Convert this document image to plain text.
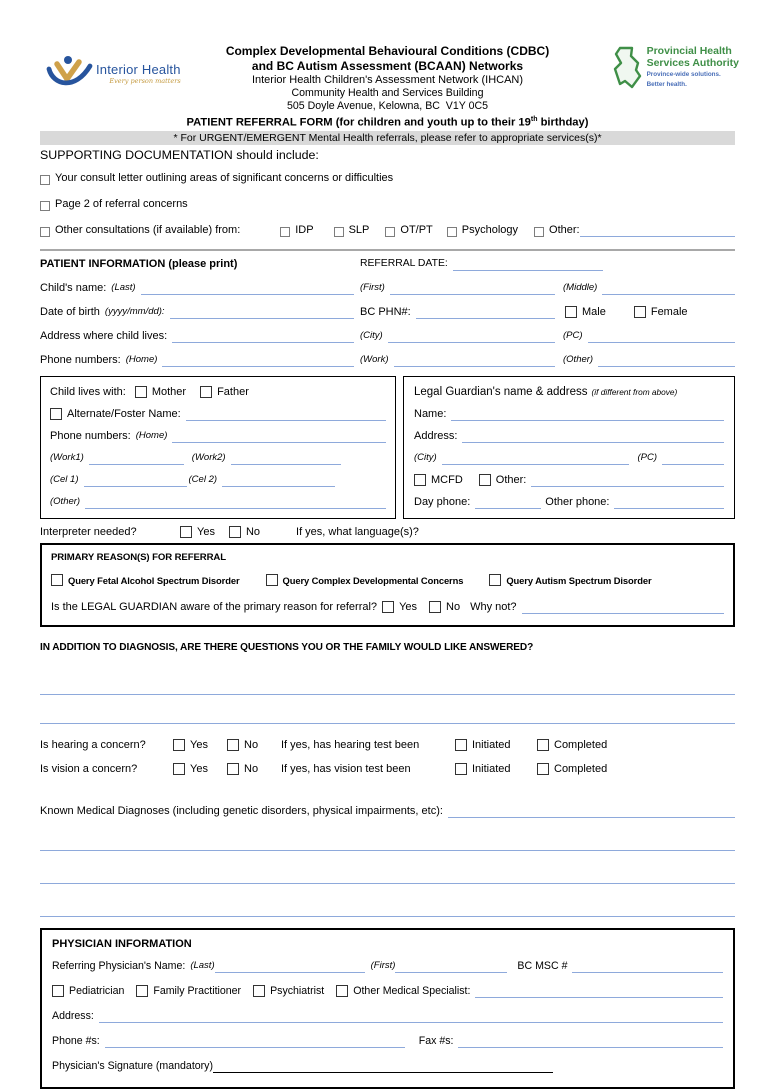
Interior Health
Every person matters
Provincial Health
Services Authority
Province-wide solutions.
Better health.
Complex Developmental Behavioural Conditions (CDBC)
and BC Autism Assessment (BCAAN) Networks
Interior Health Children's Assessment Network (IHCAN)
Community Health and Services Building
505 Doyle Avenue, Kelowna, BC  V1Y 0C5
PATIENT REFERRAL FORM (for children and youth up to their 19th birthday)
* For URGENT/EMERGENT Mental Health referrals, please refer to appropriate services(s)*
SUPPORTING DOCUMENTATION should include:
Your consult letter outlining areas of significant concerns or difficulties
Page 2 of referral concerns
Other consultations (if available) from:	IDP	SLP	OT/PT	Psychology	Other:
PATIENT INFORMATION (please print)	REFERRAL DATE:
Child's name: (Last)	(First)	(Middle)
Date of birth (yyyy/mm/dd):	BC PHN#:	Male	Female
Address where child lives:	(City)	(PC)
Phone numbers: (Home)	(Work)	(Other)
Child lives with: Mother	Father
Alternate/Foster Name:
Phone numbers: (Home)
(Work1)	(Work2)
(Cel 1)	(Cel 2)
(Other)
Legal Guardian's name & address (if different from above)
Name:
Address:
(City)	(PC)
MCFD	Other:
Day phone:	Other phone:
Interpreter needed?	Yes	No	If yes, what language(s)?
PRIMARY REASON(S) FOR REFERRAL
Query Fetal Alcohol Spectrum Disorder	Query Complex Developmental Concerns	Query Autism Spectrum Disorder
Is the LEGAL GUARDIAN aware of the primary reason for referral? Yes	No Why not?
IN ADDITION TO DIAGNOSIS, ARE THERE QUESTIONS YOU OR THE FAMILY WOULD LIKE ANSWERED?
Is hearing a concern?	Yes	No If yes, has hearing test been	Initiated	Completed
Is vision a concern?	Yes	No If yes, has vision test been	Initiated	Completed
Known Medical Diagnoses (including genetic disorders, physical impairments, etc):
PHYSICIAN INFORMATION
Referring Physician's Name: (Last)	(First)	BC MSC #
Pediatrician	Family Practitioner	Psychiatrist	Other Medical Specialist:
Address:
Phone #s:	Fax #s:
Physician's Signature (mandatory)
